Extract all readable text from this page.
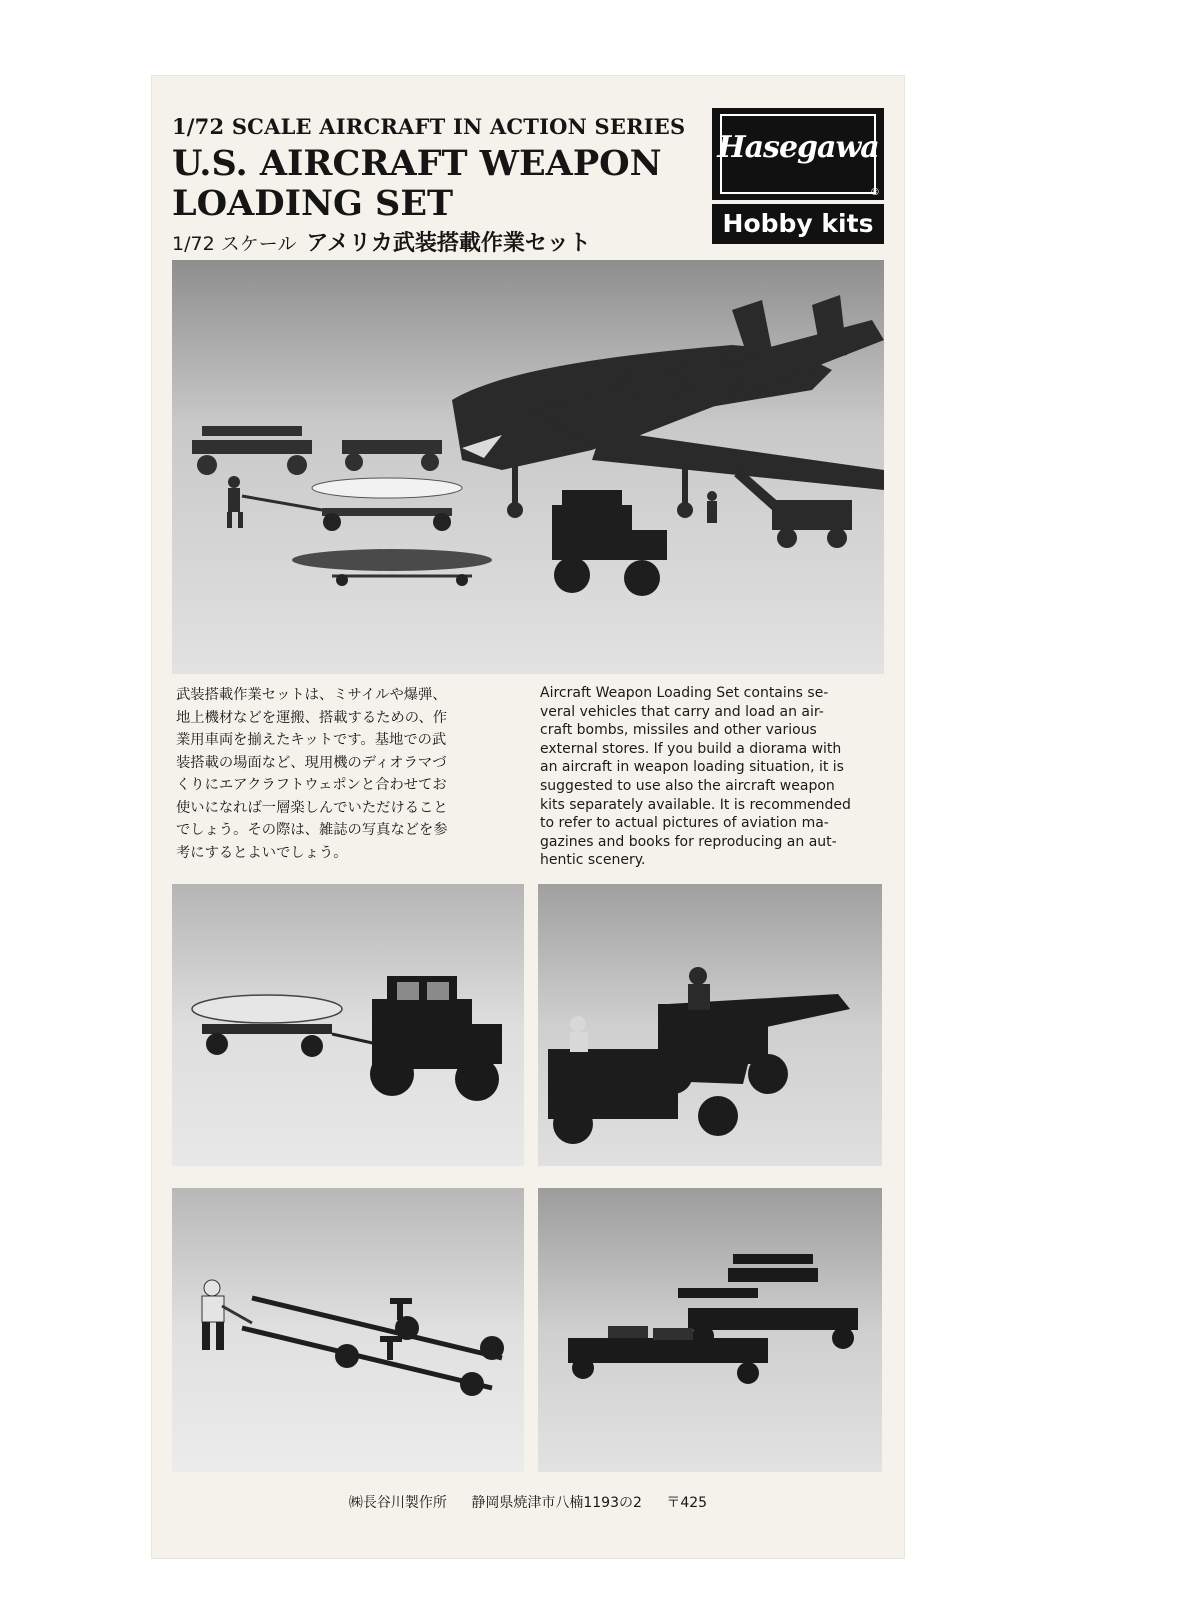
1/72 SCALE AIRCRAFT IN ACTION SERIES
U.S. AIRCRAFT WEAPON
LOADING SET
1/72 スケール アメリカ武装搭載作業セット
Hasegawa
®
Hobby kits
武装搭載作業セットは、ミサイルや爆弾、
地上機材などを運搬、搭載するための、作
業用車両を揃えたキットです。基地での武
装搭載の場面など、現用機のディオラマづ
くりにエアクラフトウェポンと合わせてお
使いになれば一層楽しんでいただけること
でしょう。その際は、雑誌の写真などを参
考にするとよいでしょう。
Aircraft Weapon Loading Set contains se-
veral vehicles that carry and load an air-
craft bombs, missiles and other various
external stores. If you build a diorama with
an aircraft in weapon loading situation, it is
suggested to use also the aircraft weapon
kits separately available. It is recommended
to refer to actual pictures of aviation ma-
gazines and books for reproducing an aut-
hentic scenery.
㈱長谷川製作所 静岡県焼津市八楠1193の2 〒425
